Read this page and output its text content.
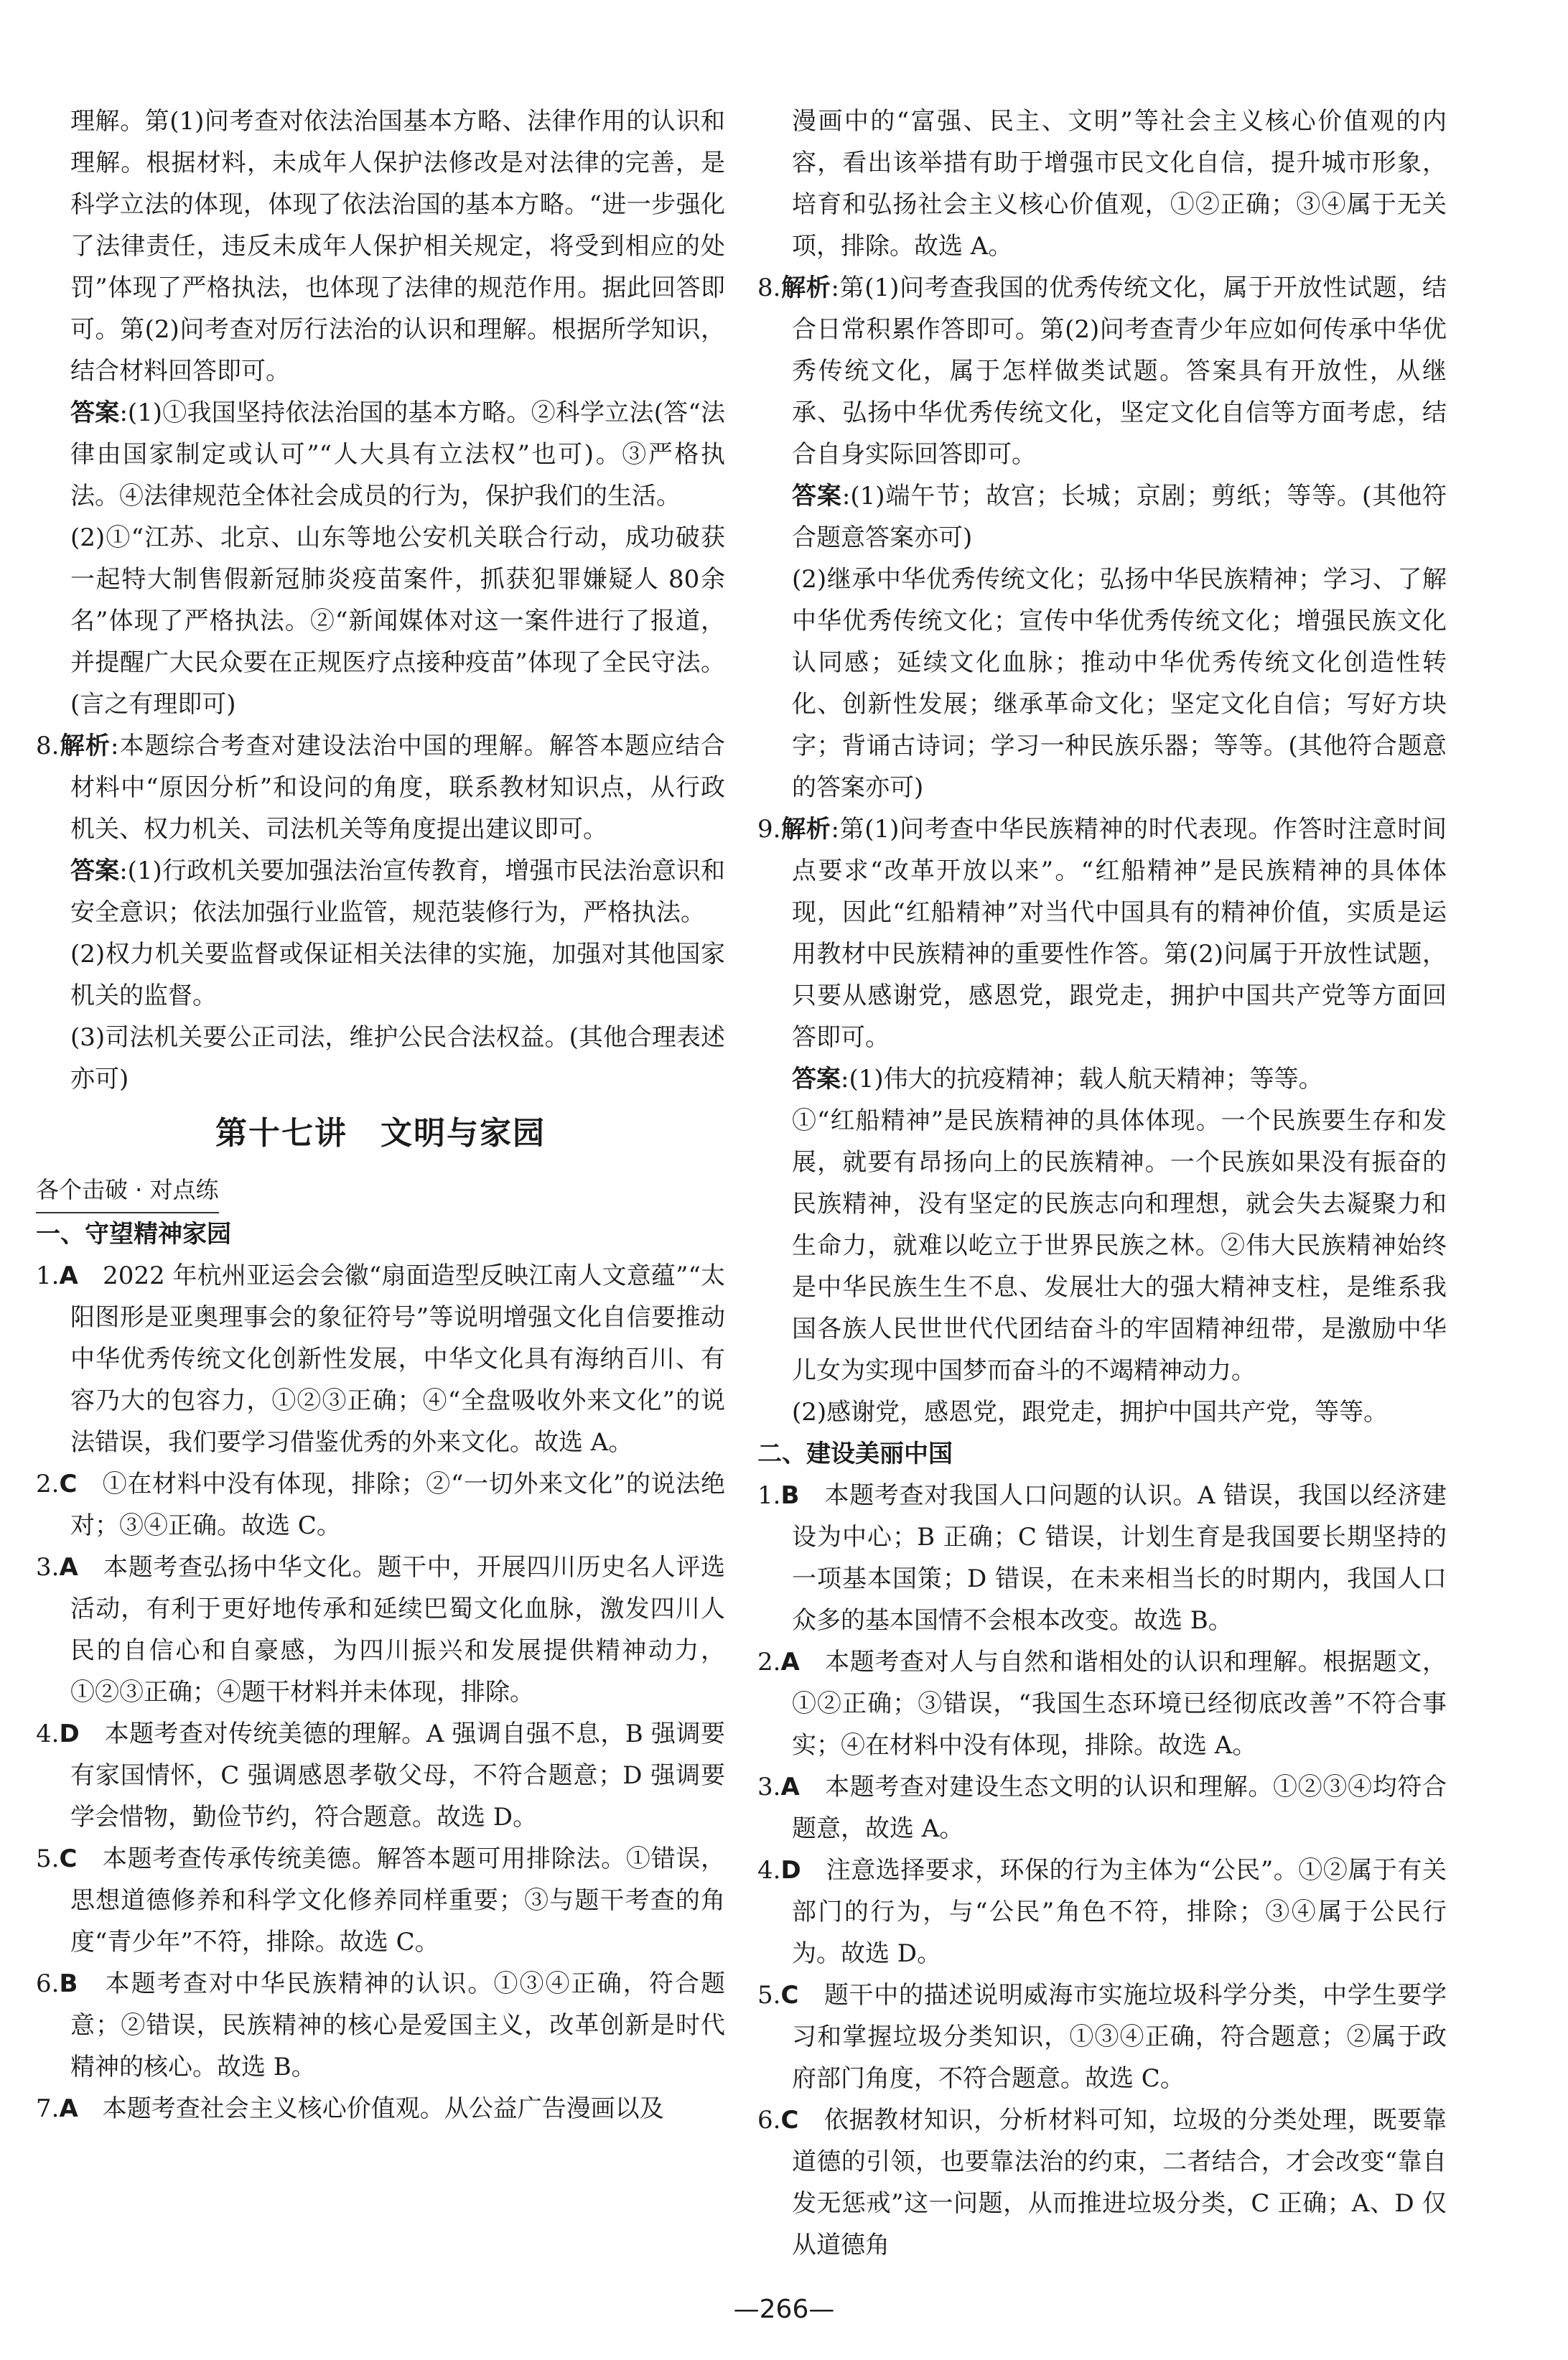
理解。第(1)问考查对依法治国基本方略、法律作用的认识和理解。根据材料，未成年人保护法修改是对法律的完善，是科学立法的体现，体现了依法治国的基本方略。“进一步强化了法律责任，违反未成年人保护相关规定，将受到相应的处罚”体现了严格执法，也体现了法律的规范作用。据此回答即可。第(2)问考查对厉行法治的认识和理解。根据所学知识，结合材料回答即可。

答案:(1)①我国坚持依法治国的基本方略。②科学立法(答“法律由国家制定或认可”“人大具有立法权”也可)。③严格执法。④法律规范全体社会成员的行为，保护我们的生活。

(2)①“江苏、北京、山东等地公安机关联合行动，成功破获一起特大制售假新冠肺炎疫苗案件，抓获犯罪嫌疑人 80余名”体现了严格执法。②“新闻媒体对这一案件进行了报道，并提醒广大民众要在正规医疗点接种疫苗”体现了全民守法。(言之有理即可)

8.解析:本题综合考查对建设法治中国的理解。解答本题应结合材料中“原因分析”和设问的角度，联系教材知识点，从行政机关、权力机关、司法机关等角度提出建议即可。

答案:(1)行政机关要加强法治宣传教育，增强市民法治意识和安全意识；依法加强行业监管，规范装修行为，严格执法。

(2)权力机关要监督或保证相关法律的实施，加强对其他国家机关的监督。

(3)司法机关要公正司法，维护公民合法权益。(其他合理表述亦可)

第十七讲　文明与家园
各个击破 · 对点练
一、守望精神家园

1.A　2022 年杭州亚运会会徽“扇面造型反映江南人文意蕴”“太阳图形是亚奥理事会的象征符号”等说明增强文化自信要推动中华优秀传统文化创新性发展，中华文化具有海纳百川、有容乃大的包容力，①②③正确；④“全盘吸收外来文化”的说法错误，我们要学习借鉴优秀的外来文化。故选 A。

2.C　①在材料中没有体现，排除；②“一切外来文化”的说法绝对；③④正确。故选 C。

3.A　本题考查弘扬中华文化。题干中，开展四川历史名人评选活动，有利于更好地传承和延续巴蜀文化血脉，激发四川人民的自信心和自豪感，为四川振兴和发展提供精神动力，①②③正确；④题干材料并未体现，排除。

4.D　本题考查对传统美德的理解。A 强调自强不息，B 强调要有家国情怀，C 强调感恩孝敬父母，不符合题意；D 强调要学会惜物，勤俭节约，符合题意。故选 D。

5.C　本题考查传承传统美德。解答本题可用排除法。①错误，思想道德修养和科学文化修养同样重要；③与题干考查的角度“青少年”不符，排除。故选 C。

6.B　本题考查对中华民族精神的认识。①③④正确，符合题意；②错误，民族精神的核心是爱国主义，改革创新是时代精神的核心。故选 B。

7.A　本题考查社会主义核心价值观。从公益广告漫画以及

漫画中的“富强、民主、文明”等社会主义核心价值观的内容，看出该举措有助于增强市民文化自信，提升城市形象，培育和弘扬社会主义核心价值观，①②正确；③④属于无关项，排除。故选 A。

8.解析:第(1)问考查我国的优秀传统文化，属于开放性试题，结合日常积累作答即可。第(2)问考查青少年应如何传承中华优秀传统文化，属于怎样做类试题。答案具有开放性，从继承、弘扬中华优秀传统文化，坚定文化自信等方面考虑，结合自身实际回答即可。

答案:(1)端午节；故宫；长城；京剧；剪纸；等等。(其他符合题意答案亦可)

(2)继承中华优秀传统文化；弘扬中华民族精神；学习、了解中华优秀传统文化；宣传中华优秀传统文化；增强民族文化认同感；延续文化血脉；推动中华优秀传统文化创造性转化、创新性发展；继承革命文化；坚定文化自信；写好方块字；背诵古诗词；学习一种民族乐器；等等。(其他符合题意的答案亦可)

9.解析:第(1)问考查中华民族精神的时代表现。作答时注意时间点要求“改革开放以来”。“红船精神”是民族精神的具体体现，因此“红船精神”对当代中国具有的精神价值，实质是运用教材中民族精神的重要性作答。第(2)问属于开放性试题，只要从感谢党，感恩党，跟党走，拥护中国共产党等方面回答即可。

答案:(1)伟大的抗疫精神；载人航天精神；等等。

①“红船精神”是民族精神的具体体现。一个民族要生存和发展，就要有昂扬向上的民族精神。一个民族如果没有振奋的民族精神，没有坚定的民族志向和理想，就会失去凝聚力和生命力，就难以屹立于世界民族之林。②伟大民族精神始终是中华民族生生不息、发展壮大的强大精神支柱，是维系我国各族人民世世代代团结奋斗的牢固精神纽带，是激励中华儿女为实现中国梦而奋斗的不竭精神动力。

(2)感谢党，感恩党，跟党走，拥护中国共产党，等等。

二、建设美丽中国

1.B　本题考查对我国人口问题的认识。A 错误，我国以经济建设为中心；B 正确；C 错误，计划生育是我国要长期坚持的一项基本国策；D 错误，在未来相当长的时期内，我国人口众多的基本国情不会根本改变。故选 B。

2.A　本题考查对人与自然和谐相处的认识和理解。根据题文，①②正确；③错误，“我国生态环境已经彻底改善”不符合事实；④在材料中没有体现，排除。故选 A。

3.A　本题考查对建设生态文明的认识和理解。①②③④均符合题意，故选 A。

4.D　注意选择要求，环保的行为主体为“公民”。①②属于有关部门的行为，与“公民”角色不符，排除；③④属于公民行为。故选 D。

5.C　题干中的描述说明威海市实施垃圾科学分类，中学生要学习和掌握垃圾分类知识，①③④正确，符合题意；②属于政府部门角度，不符合题意。故选 C。

6.C　依据教材知识，分析材料可知，垃圾的分类处理，既要靠道德的引领，也要靠法治的约束，二者结合，才会改变“靠自发无惩戒”这一问题，从而推进垃圾分类，C 正确；A、D 仅从道德角

—266—
